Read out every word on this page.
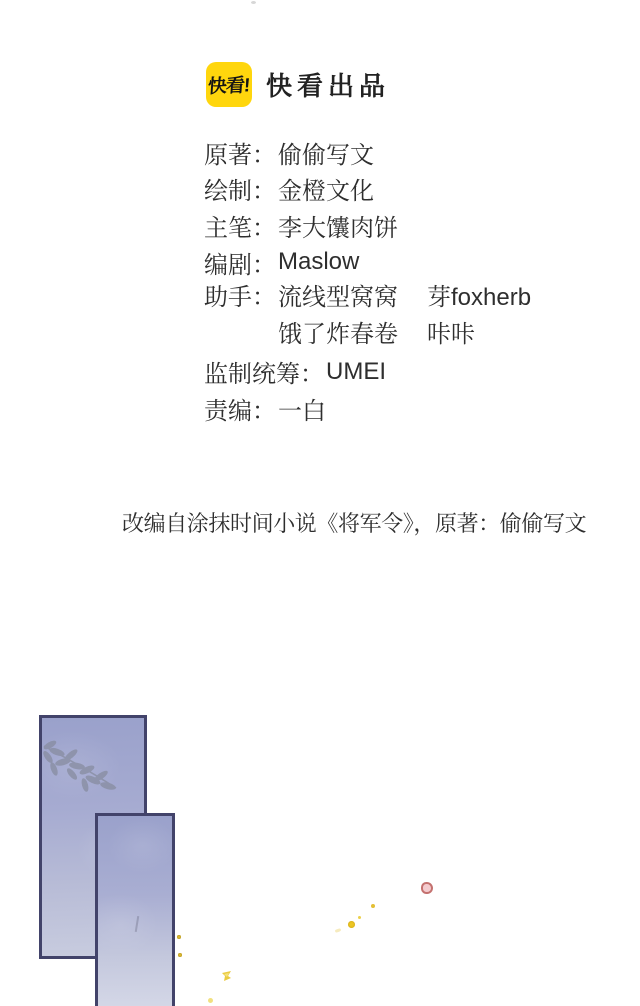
快看! 快看出品
原著： 偷偷写文
绘制： 金橙文化
主笔： 李大馕肉饼
编剧： Maslow
助手： 流线型窝窝
饿了炸春卷
芽foxherb
咔咔
监制统筹： UMEI
责编： 一白

改编自涂抹时间小说《将军令》，原著：偷偷写文
